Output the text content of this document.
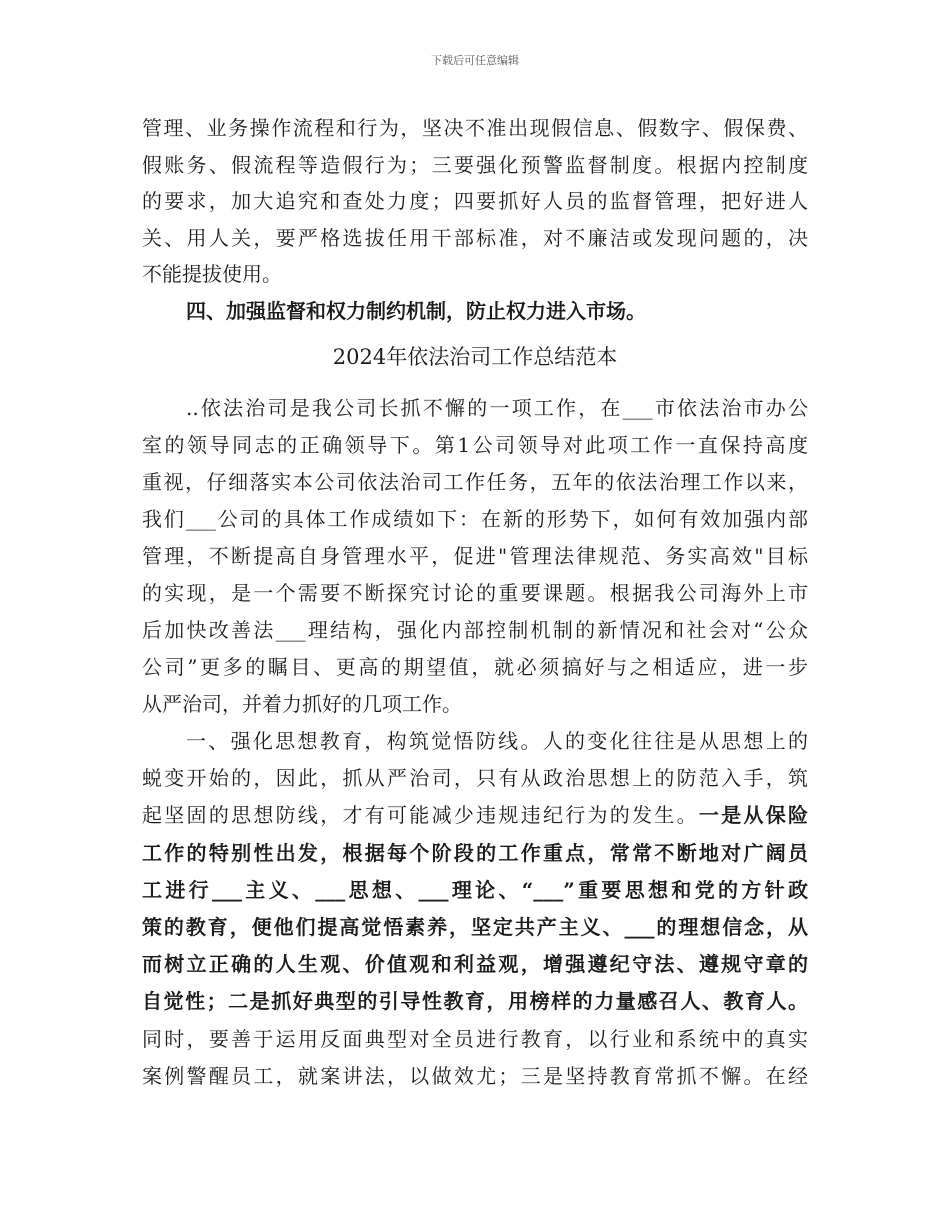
下载后可任意编辑
管理、业务操作流程和行为，坚决不准出现假信息、假数字、假保费、
假账务、假流程等造假行为；三要强化预警监督制度。根据内控制度
的要求，加大追究和查处力度；四要抓好人员的监督管理，把好进人
关、用人关，要严格选拔任用干部标准，对不廉洁或发现问题的，决
不能提拔使用。
四、加强监督和权力制约机制，防止权力进入市场。
2024年依法治司工作总结范本
..依法治司是我公司长抓不懈的一项工作，在___市依法治市办公
室的领导同志的正确领导下。第1公司领导对此项工作一直保持高度
重视，仔细落实本公司依法治司工作任务，五年的依法治理工作以来，
我们___公司的具体工作成绩如下：在新的形势下，如何有效加强内部
管理，不断提高自身管理水平，促进"管理法律规范、务实高效"目标
的实现，是一个需要不断探究讨论的重要课题。根据我公司海外上市
后加快改善法___理结构，强化内部控制机制的新情况和社会对“公众
公司”更多的瞩目、更高的期望值，就必须搞好与之相适应，进一步
从严治司，并着力抓好的几项工作。
一、强化思想教育，构筑觉悟防线。人的变化往往是从思想上的
蜕变开始的，因此，抓从严治司，只有从政治思想上的防范入手，筑
起坚固的思想防线，才有可能减少违规违纪行为的发生。一是从保险
工作的特别性出发，根据每个阶段的工作重点，常常不断地对广阔员
工进行___主义、___思想、___理论、“___”重要思想和党的方针政
策的教育，便他们提高觉悟素养，坚定共产主义、___的理想信念，从
而树立正确的人生观、价值观和利益观，增强遵纪守法、遵规守章的
自觉性；二是抓好典型的引导性教育，用榜样的力量感召人、教育人。
同时，要善于运用反面典型对全员进行教育，以行业和系统中的真实
案例警醒员工，就案讲法，以做效尤；三是坚持教育常抓不懈。在经
